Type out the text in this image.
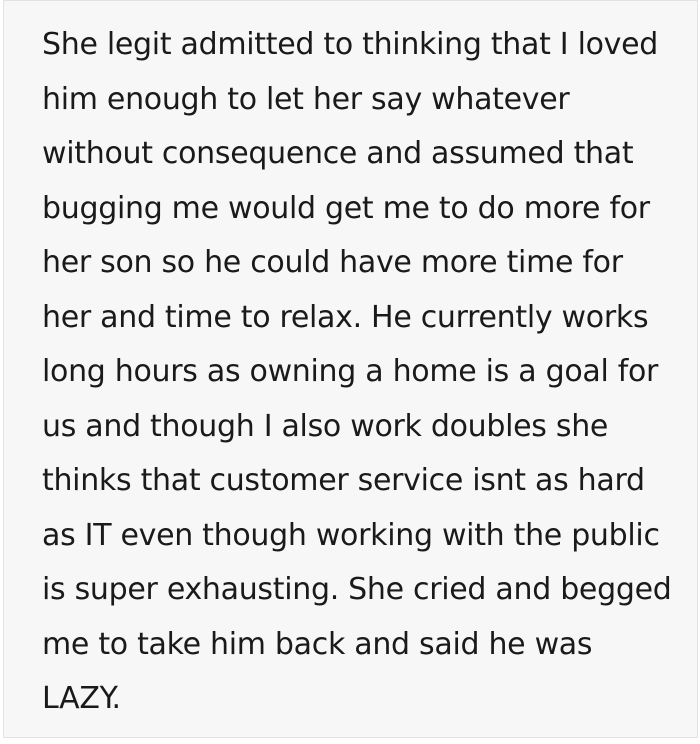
She legit admitted to thinking that I loved
him enough to let her say whatever
without consequence and assumed that
bugging me would get me to do more for
her son so he could have more time for
her and time to relax. He currently works
long hours as owning a home is a goal for
us and though I also work doubles she
thinks that customer service isnt as hard
as IT even though working with the public
is super exhausting. She cried and begged
me to take him back and said he was
LAZY.
